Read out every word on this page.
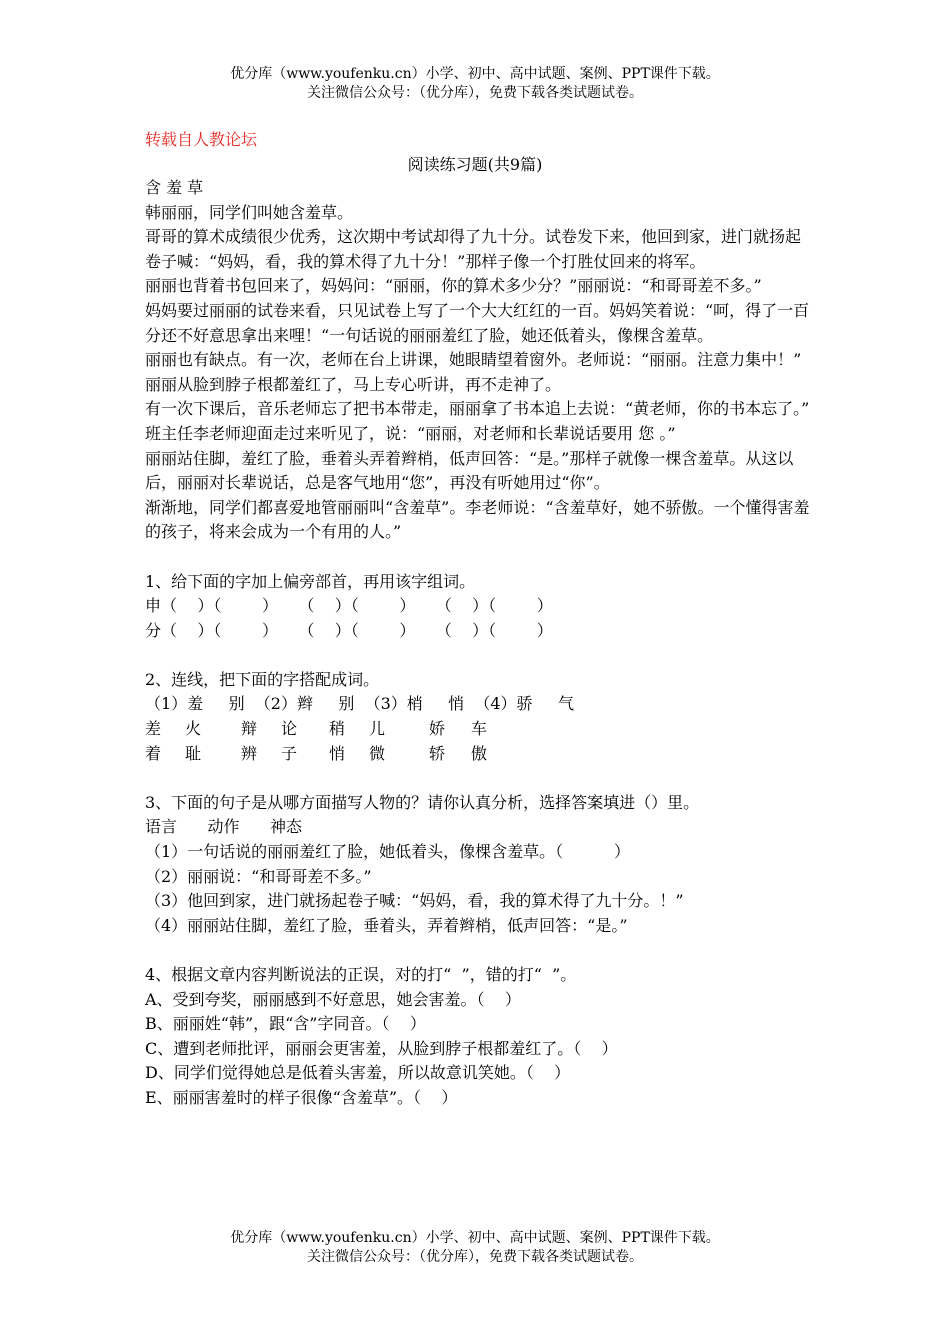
优分库（www.youfenku.cn）小学、初中、高中试题、案例、PPT课件下载。
关注微信公众号：（优分库），免费下载各类试题试卷。
转载自人教论坛
阅读练习题(共9篇)

含 羞 草

韩丽丽，同学们叫她含羞草。

哥哥的算术成绩很少优秀，这次期中考试却得了九十分。试卷发下来，他回到家，进门就扬起卷子喊：“妈妈，看，我的算术得了九十分！”那样子像一个打胜仗回来的将军。

丽丽也背着书包回来了，妈妈问：“丽丽，你的算术多少分？”丽丽说：“和哥哥差不多。”

妈妈要过丽丽的试卷来看，只见试卷上写了一个大大红红的一百。妈妈笑着说：“呵，得了一百分还不好意思拿出来哩！“一句话说的丽丽羞红了脸，她还低着头，像棵含羞草。

丽丽也有缺点。有一次，老师在台上讲课，她眼睛望着窗外。老师说：“丽丽。注意力集中！” 丽丽从脸到脖子根都羞红了，马上专心听讲，再不走神了。

有一次下课后，音乐老师忘了把书本带走，丽丽拿了书本追上去说：“黄老师，你的书本忘了。”

班主任李老师迎面走过来听见了，说：“丽丽，对老师和长辈说话要用 您 。”

丽丽站住脚，羞红了脸，垂着头弄着辫梢，低声回答：“是。”那样子就像一棵含羞草。从这以后，丽丽对长辈说话，总是客气地用“您”，再没有听她用过“你”。

渐渐地，同学们都喜爱地管丽丽叫“含羞草”。李老师说：“含羞草好，她不骄傲。一个懂得害羞的孩子，将来会成为一个有用的人。”

1、给下面的字加上偏旁部首，再用该字组词。

申（    ）（        ）    （    ）（        ）    （    ）（        ）

分（    ）（        ）    （    ）（        ）    （    ）（        ）

2、连线，把下面的字搭配成词。

（1）羞     别  （2）辫     别  （3）梢     悄  （4）骄     气

差 火 辩 论 稍 儿	娇 车

着 耻 辨 子 悄 微	轿 傲

3、下面的句子是从哪方面描写人物的？请你认真分析，选择答案填进（）里。

语言      动作      神态

（1）一句话说的丽丽羞红了脸，她低着头，像棵含羞草。（          ）

（2）丽丽说：“和哥哥差不多。”

（3）他回到家，进门就扬起卷子喊：“妈妈，看，我的算术得了九十分。！”

（4）丽丽站住脚，羞红了脸，垂着头，弄着辫梢，低声回答：“是。”

4、根据文章内容判断说法的正误，对的打“  ”，错的打“  ”。

A、受到夸奖，丽丽感到不好意思，她会害羞。（    ）

B、丽丽姓“韩”，跟“含”字同音。（    ）

C、遭到老师批评，丽丽会更害羞，从脸到脖子根都羞红了。（    ）

D、同学们觉得她总是低着头害羞，所以故意讥笑她。（    ）

E、丽丽害羞时的样子很像“含羞草”。（    ）

优分库（www.youfenku.cn）小学、初中、高中试题、案例、PPT课件下载。
关注微信公众号：（优分库），免费下载各类试题试卷。
